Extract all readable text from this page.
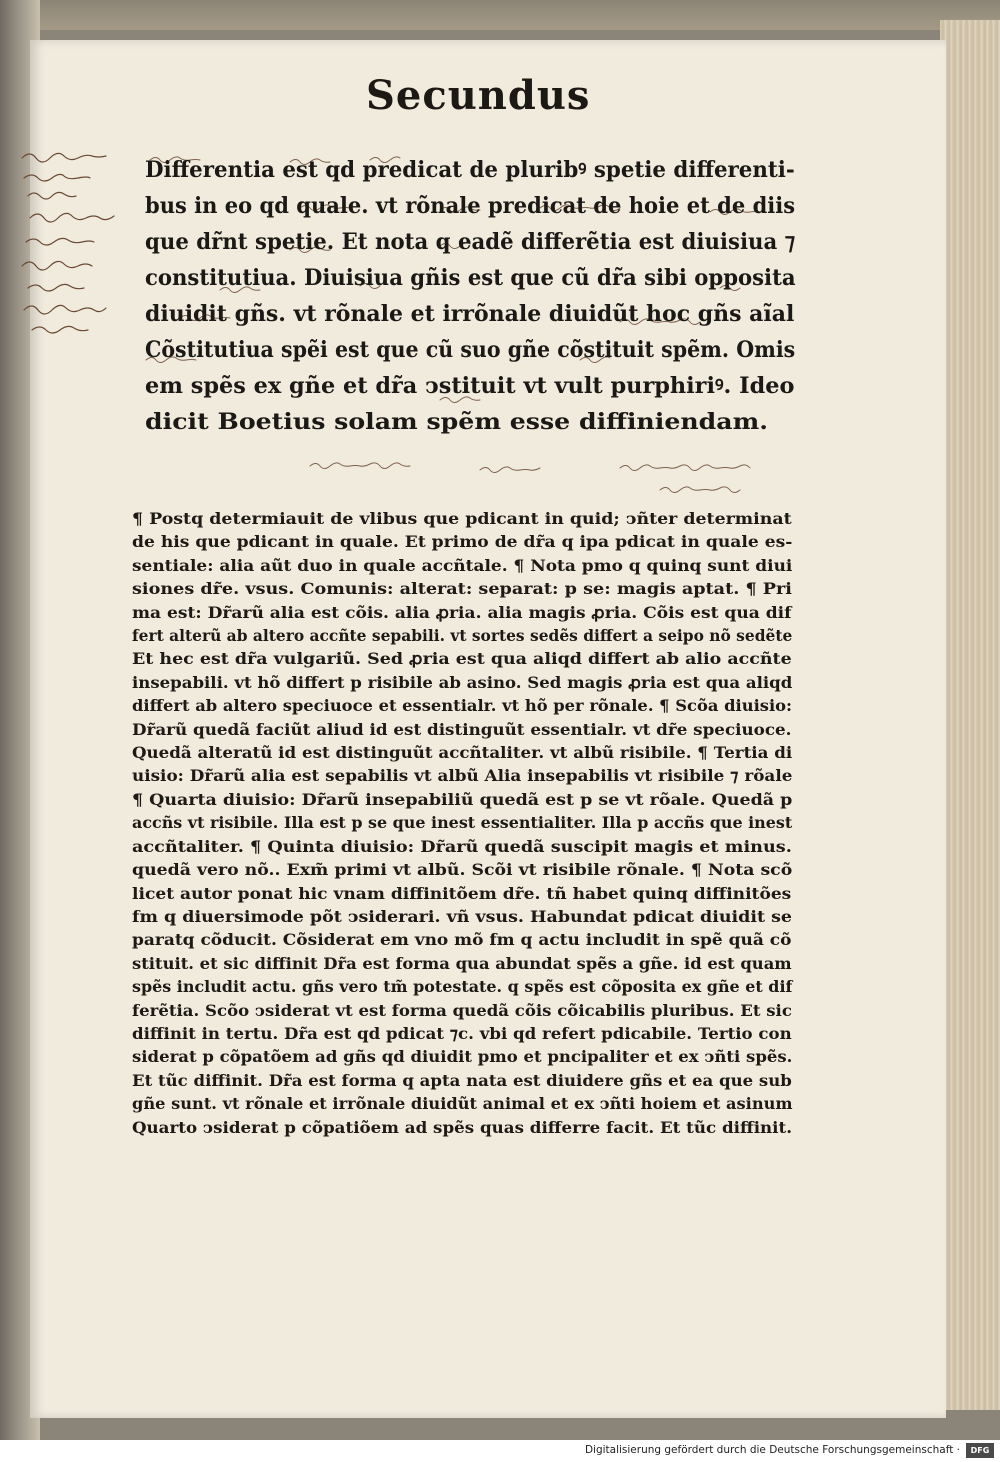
Secundus
Differentia est qd predicat de pluribꝰ spetie differenti-
bus in eo qd quale. vt rõnale predicat de hoie et de diis
que dr̃nt spetie. Et nota q eadẽ differẽtia est diuisiua ⁊
constitutiua. Diuisiua gñis est que cũ dr̃a sibi opposita
diuidit gñs. vt rõnale et irrõnale diuidũt hoc gñs aĩal
Cõstitutiua spẽi est que cũ suo gñe cõstituit spẽm. Omis
em spẽs ex gñe et dr̃a ↄstituit vt vult purphiriꝰ. Ideo
dicit Boetius solam spẽm esse diffiniendam.
¶ Postq determiauit de vlibus que pdicant in quid; ↄñter determinat
de his que pdicant in quale. Et primo de dr̃a q ipa pdicat in quale es-
sentiale: alia aũt duo in quale accñtale. ¶ Nota pmo q quinq sunt diui
siones dr̃e. vsus. Comunis: alterat: separat: p se: magis aptat. ¶ Pri
ma est: Dr̃arũ alia est cõis. alia ꝓria. alia magis ꝓria. Cõis est qua dif
fert alterũ ab altero accñte sepabili. vt sortes sedẽs differt a seipo nõ sedẽte
Et hec est dr̃a vulgariũ. Sed ꝓria est qua aliqd differt ab alio accñte
insepabili. vt hõ differt p risibile ab asino. Sed magis ꝓria est qua aliqd
differt ab altero speciuoce et essentialr. vt hõ per rõnale. ¶ Scõa diuisio:
Dr̃arũ quedã faciũt aliud id est distinguũt essentialr. vt dr̃e speciuoce.
Quedã alteratũ id est distinguũt accñtaliter. vt albũ risibile. ¶ Tertia di
uisio: Dr̃arũ alia est sepabilis vt albũ Alia insepabilis vt risibile ⁊ rõale
¶ Quarta diuisio: Dr̃arũ insepabiliũ quedã est p se vt rõale. Quedã p
accñs vt risibile. Illa est p se que inest essentialiter. Illa p accñs que inest
accñtaliter. ¶ Quinta diuisio: Dr̃arũ quedã suscipit magis et minus.
quedã vero nõ.. Exm̃ primi vt albũ. Scõi vt risibile rõnale. ¶ Nota scõ
licet autor ponat hic vnam diffinitõem dr̃e. tñ habet quinq diffinitões
fm q diuersimode põt ↄsiderari. vñ vsus. Habundat pdicat diuidit se
paratq cõducit. Cõsiderat em vno mõ fm q actu includit in spẽ quã cõ
stituit. et sic diffinit Dr̃a est forma qua abundat spẽs a gñe. id est quam
spẽs includit actu. gñs vero tm̃ potestate. q spẽs est cõposita ex gñe et dif
ferẽtia. Scõo ↄsiderat vt est forma quedã cõis cõicabilis pluribus. Et sic
diffinit in tertu. Dr̃a est qd pdicat ⁊c. vbi qd refert pdicabile. Tertio con
siderat p cõpatõem ad gñs qd diuidit pmo et pncipaliter et ex ↄñti spẽs.
Et tũc diffinit. Dr̃a est forma q apta nata est diuidere gñs et ea que sub
gñe sunt. vt rõnale et irrõnale diuidũt animal et ex ↄñti hoiem et asinum
Quarto ↄsiderat p cõpatiõem ad spẽs quas differre facit. Et tũc diffinit.
Digitalisierung gefördert durch die Deutsche Forschungsgemeinschaft ·	DFG
